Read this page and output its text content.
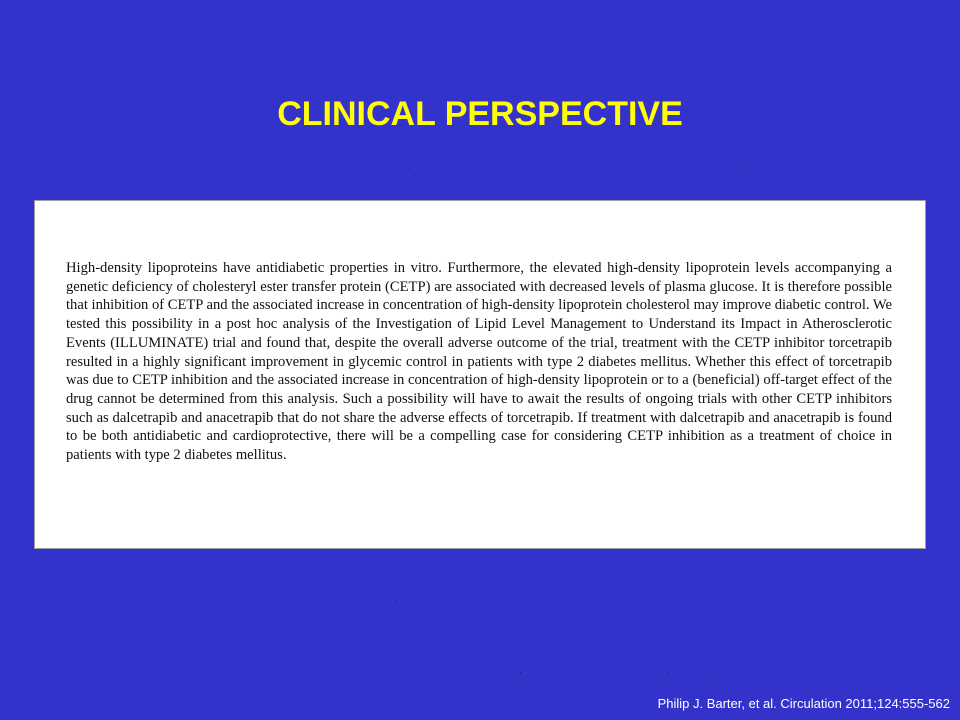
CLINICAL PERSPECTIVE

High-density lipoproteins have antidiabetic properties in vitro. Furthermore, the elevated high-density lipoprotein levels accompanying a genetic deficiency of cholesteryl ester transfer protein (CETP) are associated with decreased levels of plasma glucose. It is therefore possible that inhibition of CETP and the associated increase in concentration of high-density lipoprotein cholesterol may improve diabetic control. We tested this possibility in a post hoc analysis of the Investigation of Lipid Level Management to Understand its Impact in Atherosclerotic Events (ILLUMINATE) trial and found that, despite the overall adverse outcome of the trial, treatment with the CETP inhibitor torcetrapib resulted in a highly significant improvement in glycemic control in patients with type 2 diabetes mellitus. Whether this effect of torcetrapib was due to CETP inhibition and the associated increase in concentration of high-density lipoprotein or to a (beneficial) off-target effect of the drug cannot be determined from this analysis. Such a possibility will have to await the results of ongoing trials with other CETP inhibitors such as dalcetrapib and anacetrapib that do not share the adverse effects of torcetrapib. If treatment with dalcetrapib and anacetrapib is found to be both antidiabetic and cardioprotective, there will be a compelling case for considering CETP inhibition as a treatment of choice in patients with type 2 diabetes mellitus.

Philip J. Barter, et al. Circulation 2011;124:555-562
